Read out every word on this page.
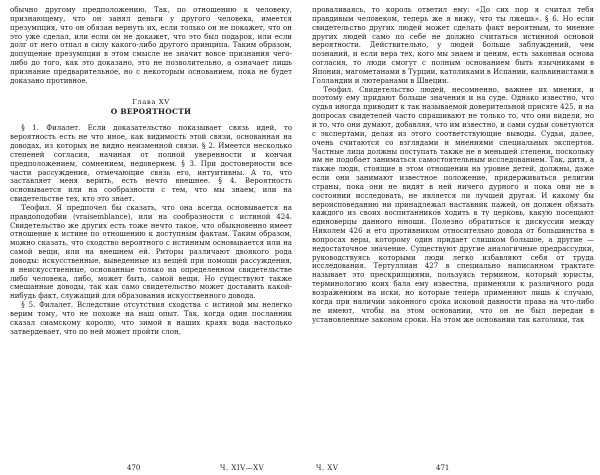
обычно другому предположению. Так, по отношению к человеку, признающему, что он занял деньги у другого человека, имеется презумпция, что он обязан вернуть их, если только он не покажет, что он это уже сделал, или если он не докажет, что это был подарок, или если долг от него отпал в силу какого-либо другого принципа. Таким образом, допущение презумпции в этом смысле не значит вовсе признания чего-либо до того, как это доказано, это не позволительно, а означает лишь признание предварительное, но с некоторым основанием, пока не будет доказано противное.

Глава XV
О ВЕРОЯТНОСТИ

§ 1. Филалет. Если доказательство показывает связь идей, то вероятность есть не что иное, как видимость этой связи, основанная на доводах, из которых не видно неизменной связи. § 2. Имеется несколько степеней согласия, начиная от полной уверенности и кончая предположением, сомнением, недоверием. § 3. При достоверности все части рассуждения, отмечающие связь его, интуитивны. А то, что заставляет меня верить, есть нечто внешнее. § 4. Вероятность основывается или на сообразности с тем, что мы знаем, или на свидетельстве тех, кто это знает.

Теофил. Я предпочел бы сказать, что она всегда основывается на правдоподобии (vraisemblance), или на сообразности с истиной 424. Свидетельство же других есть тоже нечто такое, что обыкновенно имеет отношение к истине по отношению к доступным фактам. Таким образом, можно сказать, что сходство вероятного с истинным основывается или на самой вещи, или на внешнем ей. Риторы различают двоякого рода доводы: искусственные, выведенные из вещей при помощи рассуждения, и неискусственные, основанные только на определенном свидетельстве либо человека, либо, может быть, самой вещи. Но существуют также смешанные доводы, так как само свидетельство может доставить какой-нибудь факт, служащий для образования искусственного довода.

§ 5. Филалет. Вследствие отсутствия сходства с истиной мы нелегко верим тому, что не похоже на наш опыт. Так, когда один посланник сказал сиамскому королю, что зимой в наших краях вода настолько затвердевает, что по ней может пройти слон,

проваливаясь, то король ответил ему: «До сих пор я считал тебя правдивым человеком, теперь же я вижу, что ты лжешь». § 6. Но если свидетельство других людей может сделать факт вероятным, то мнение других людей само по себе не должно считаться истинной основой вероятности. Действительно, у людей больше заблуждений, чем познаний, и если вера тех, кого мы знаем и ценим, есть законная основа согласия, то люди смогут с полным основанием быть язычниками в Японии, магометанами в Турции, католиками в Испании, кальвинистами в Голландии и лютеранами в Швеции.

Теофил. Свидетельство людей, несомненно, важнее их мнения, и поэтому ему придают больше значения и на суде. Однако известно, что судья иногда приводит к так называемой доверительной присяге 425, и на допросах свидетелей часто спрашивают не только то, что они видели, но и то, что они думают, добавляя, что им известно, и сами судьи советуются с экспертами, делая из этого соответствующие выводы. Судьи, далее, очень считаются со взглядами и мнениями специальных экспертов. Частные лица должны поступать также не в меньшей степени, поскольку им не подобает заниматься самостоятельным исследованием. Так, дитя, а также люди, стоящие в этом отношении на уровне детей, должны, даже если они занимают известное положение, придерживаться религии страны, пока они не видят в ней ничего дурного и пока они не в состоянии исследовать, не является ли лучшей другая. И какому бы вероисповеданию ни принадлежал наставник пажей, он должен обязать каждого из своих воспитанников ходить в ту церковь, какую посещают единоверцы данного юноши. Полезно обратиться к дискуссии между Николем 426 и его противником относительно довода от большинства в вопросах веры, которому один придает слишком большое, а другие — недостаточное значение. Существуют другие аналогичные предрассудки, руководствуясь которыми люди легко избавляют себя от труда исследования. Тертуллиан 427 в специально написанном трактате называет это прескрипциями, пользуясь термином, который юристы, терминологию коих бала ему известна, применяли к различного рода возражениям на иски, но которые теперь применяют лишь к случаю, когда при наличии законного срока исковой давности права на что-либо не имеют, чтобы на этом основании, что он не был передан в установленные законом сроки. На этом же основании так католики, так

470	Ч. XIV—XV	Ч. XV	471
